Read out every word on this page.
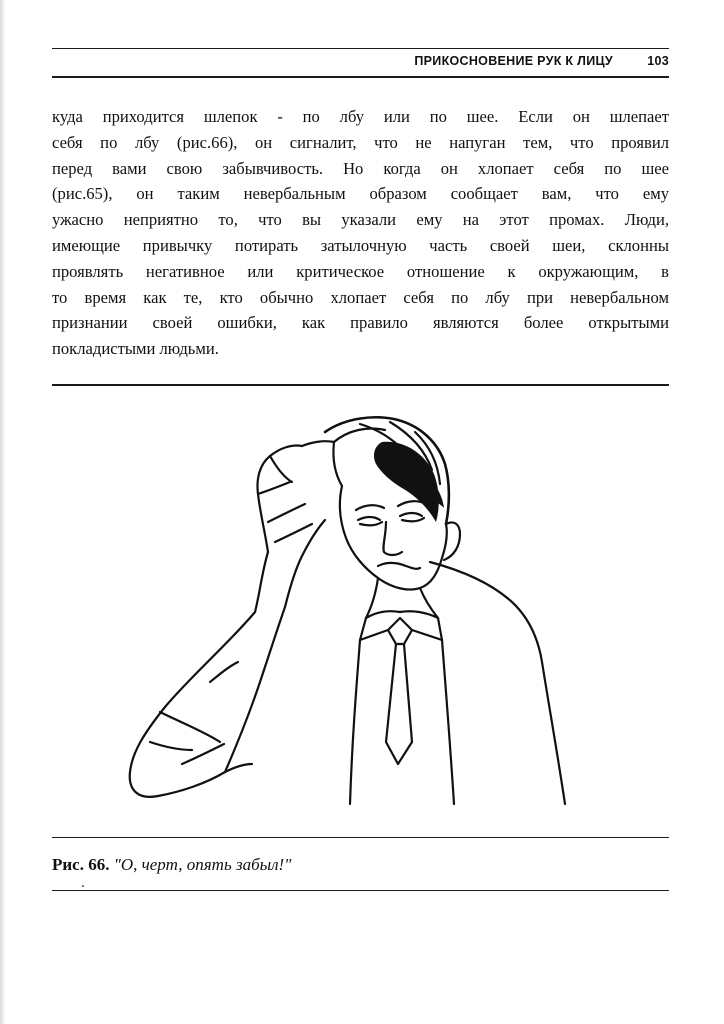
ПРИКОСНОВЕНИЕ РУК К ЛИЦУ	103
куда приходится шлепок - по лбу или по шее. Если он шлепает
себя по лбу (рис.66), он сигналит, что не напуган тем, что проявил
перед вами свою забывчивость. Но когда он хлопает себя по шее
(рис.65), он таким невербальным образом сообщает вам, что ему
ужасно неприятно то, что вы указали ему на этот промах. Люди,
имеющие привычку потирать затылочную часть своей шеи, склонны
проявлять негативное или критическое отношение к окружающим, в
то время как те, кто обычно хлопает себя по лбу при невербальном
признании своей ошибки, как правило являются более открытыми
покладистыми людьми.
Рис. 66. "О, черт, опять забыл!"
